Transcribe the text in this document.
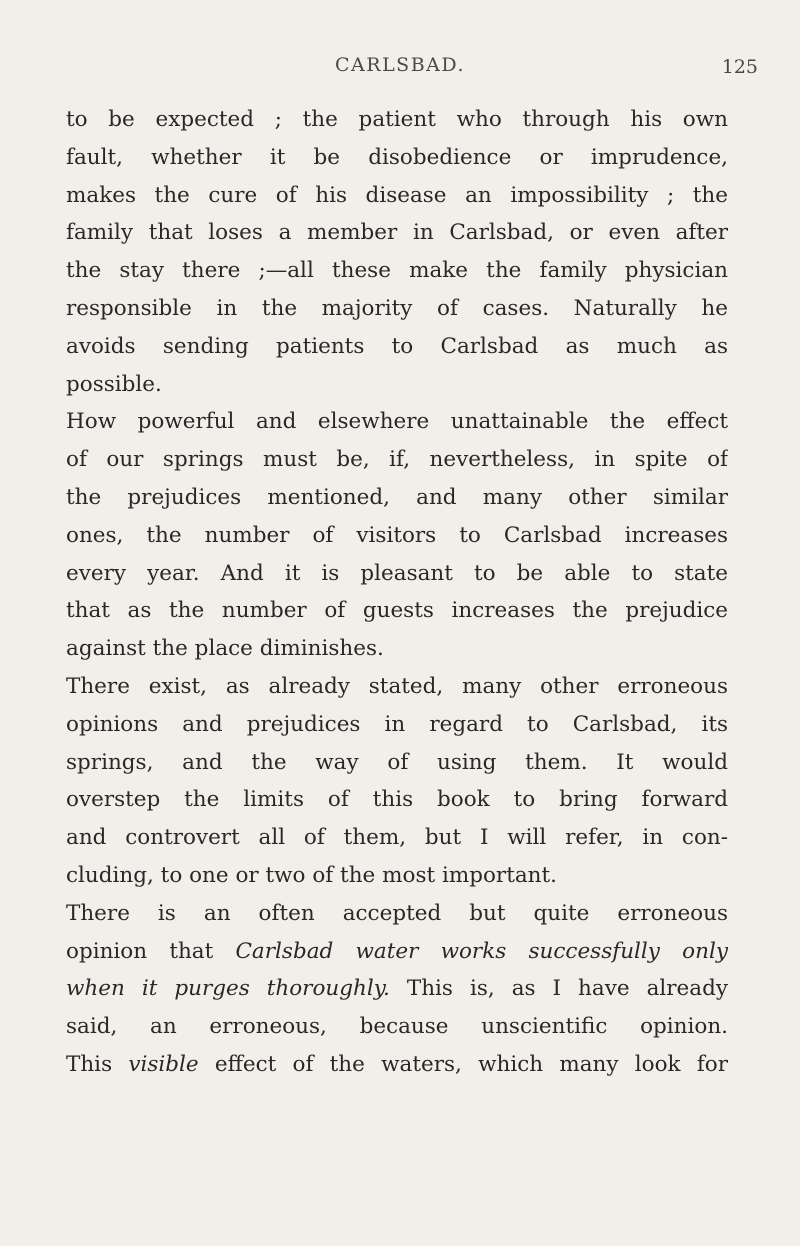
CARLSBAD.	125
to be expected ; the patient who through his own
fault, whether it be disobedience or imprudence,
makes the cure of his disease an impossibility ; the
family that loses a member in Carlsbad, or even after
the stay there ;—all these make the family physician
responsible in the majority of cases. Naturally he
avoids sending patients to Carlsbad as much as
possible.
How powerful and elsewhere unattainable the effect
of our springs must be, if, nevertheless, in spite of
the prejudices mentioned, and many other similar
ones, the number of visitors to Carlsbad increases
every year. And it is pleasant to be able to state
that as the number of guests increases the prejudice
against the place diminishes.
There exist, as already stated, many other erroneous
opinions and prejudices in regard to Carlsbad, its
springs, and the way of using them. It would
overstep the limits of this book to bring forward
and controvert all of them, but I will refer, in con-
cluding, to one or two of the most important.
There is an often accepted but quite erroneous
opinion that Carlsbad water works successfully only
when it purges thoroughly. This is, as I have already
said, an erroneous, because unscientific opinion.
This visible effect of the waters, which many look for
